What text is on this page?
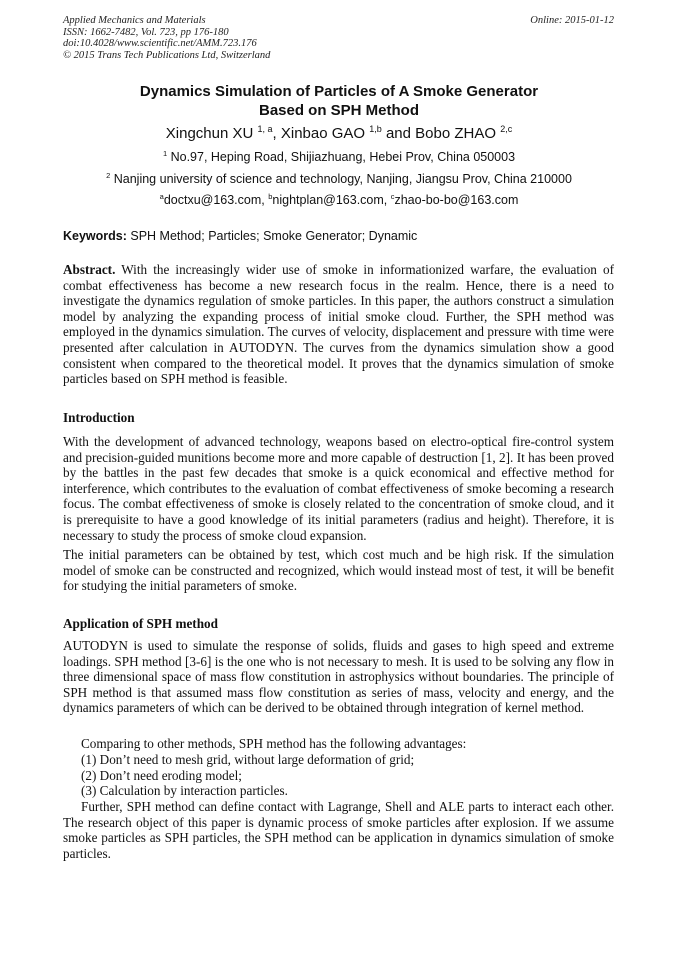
Applied Mechanics and Materials
ISSN: 1662-7482, Vol. 723, pp 176-180
doi:10.4028/www.scientific.net/AMM.723.176
© 2015 Trans Tech Publications Ltd, Switzerland
Online: 2015-01-12
Dynamics Simulation of Particles of A Smoke Generator
Based on SPH Method
Xingchun XU $^{1, a}$, Xinbao GAO $^{1,b}$ and Bobo ZHAO $^{2,c}$
$^1$ No.97, Heping Road, Shijiazhuang, Hebei Prov, China 050003
$^2$ Nanjing university of science and technology, Nanjing, Jiangsu Prov, China 210000
$^a$doctxu@163.com, $^b$nightplan@163.com, $^c$zhao-bo-bo@163.com
Keywords: SPH Method; Particles; Smoke Generator; Dynamic
Abstract. With the increasingly wider use of smoke in informationized warfare, the evaluation of combat effectiveness has become a new research focus in the realm. Hence, there is a need to investigate the dynamics regulation of smoke particles. In this paper, the authors construct a simulation model by analyzing the expanding process of initial smoke cloud. Further, the SPH method was employed in the dynamics simulation. The curves of velocity, displacement and pressure with time were presented after calculation in AUTODYN. The curves from the dynamics simulation show a good consistent when compared to the theoretical model. It proves that the dynamics simulation of smoke particles based on SPH method is feasible.
Introduction
With the development of advanced technology, weapons based on electro-optical fire-control system and precision-guided munitions become more and more capable of destruction [1, 2]. It has been proved by the battles in the past few decades that smoke is a quick economical and effective method for interference, which contributes to the evaluation of combat effectiveness of smoke becoming a research focus. The combat effectiveness of smoke is closely related to the concentration of smoke cloud, and it is prerequisite to have a good knowledge of its initial parameters (radius and height). Therefore, it is necessary to study the process of smoke cloud expansion.
The initial parameters can be obtained by test, which cost much and be high risk. If the simulation model of smoke can be constructed and recognized, which would instead most of test, it will be benefit for studying the initial parameters of smoke.
Application of SPH method
AUTODYN is used to simulate the response of solids, fluids and gases to high speed and extreme loadings. SPH method [3-6] is the one who is not necessary to mesh. It is used to be solving any flow in three dimensional space of mass flow constitution in astrophysics without boundaries. The principle of SPH method is that assumed mass flow constitution as series of mass, velocity and energy, and the dynamics parameters of which can be derived to be obtained through integration of kernel method.
Comparing to other methods, SPH method has the following advantages:
(1) Don’t need to mesh grid, without large deformation of grid;
(2) Don’t need eroding model;
(3) Calculation by interaction particles.
Further, SPH method can define contact with Lagrange, Shell and ALE parts to interact each other. The research object of this paper is dynamic process of smoke particles after explosion. If we assume smoke particles as SPH particles, the SPH method can be application in dynamics simulation of smoke particles.
